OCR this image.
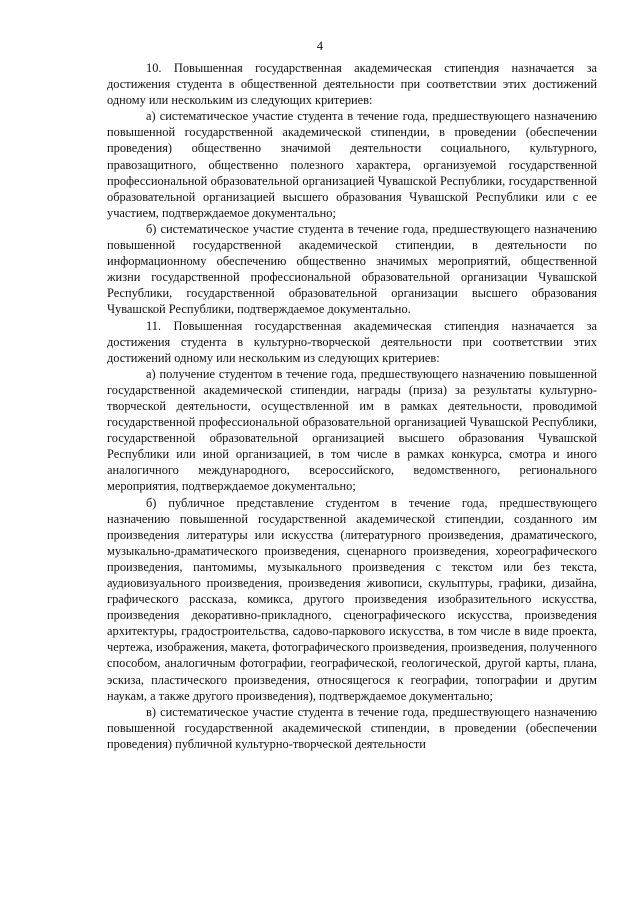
4

10. Повышенная государственная академическая стипендия назначается за достижения студента в общественной деятельности при соответствии этих достижений одному или нескольким из следующих критериев:

а) систематическое участие студента в течение года, предшествующего назначению повышенной государственной академической стипендии, в проведении (обеспечении проведения) общественно значимой деятельности социального, культурного, правозащитного, общественно полезного характера, организуемой государственной профессиональной образовательной организацией Чувашской Республики, государственной образовательной организацией высшего образования Чувашской Республики или с ее участием, подтверждаемое документально;

б) систематическое участие студента в течение года, предшествующего назначению повышенной государственной академической стипендии, в деятельности по информационному обеспечению общественно значимых мероприятий, общественной жизни государственной профессиональной образовательной организации Чувашской Республики, государственной образовательной организации высшего образования Чувашской Республики, подтверждаемое документально.

11. Повышенная государственная академическая стипендия назначается за достижения студента в культурно-творческой деятельности при соответствии этих достижений одному или нескольким из следующих критериев:

а) получение студентом в течение года, предшествующего назначению повышенной государственной академической стипендии, награды (приза) за результаты культурно-творческой деятельности, осуществленной им в рамках деятельности, проводимой государственной профессиональной образовательной организацией Чувашской Республики, государственной образовательной организацией высшего образования Чувашской Республики или иной организацией, в том числе в рамках конкурса, смотра и иного аналогичного международного, всероссийского, ведомственного, регионального мероприятия, подтверждаемое документально;

б) публичное представление студентом в течение года, предшествующего назначению повышенной государственной академической стипендии, созданного им произведения литературы или искусства (литературного произведения, драматического, музыкально-драматического произведения, сценарного произведения, хореографического произведения, пантомимы, музыкального произведения с текстом или без текста, аудиовизуального произведения, произведения живописи, скульптуры, графики, дизайна, графического рассказа, комикса, другого произведения изобразительного искусства, произведения декоративно-прикладного, сценографического искусства, произведения архитектуры, градостроительства, садово-паркового искусства, в том числе в виде проекта, чертежа, изображения, макета, фотографического произведения, произведения, полученного способом, аналогичным фотографии, географической, геологической, другой карты, плана, эскиза, пластического произведения, относящегося к географии, топографии и другим наукам, а также другого произведения), подтверждаемое документально;

в) систематическое участие студента в течение года, предшествующего назначению повышенной государственной академической стипендии, в проведении (обеспечении проведения) публичной культурно-творческой деятельности
